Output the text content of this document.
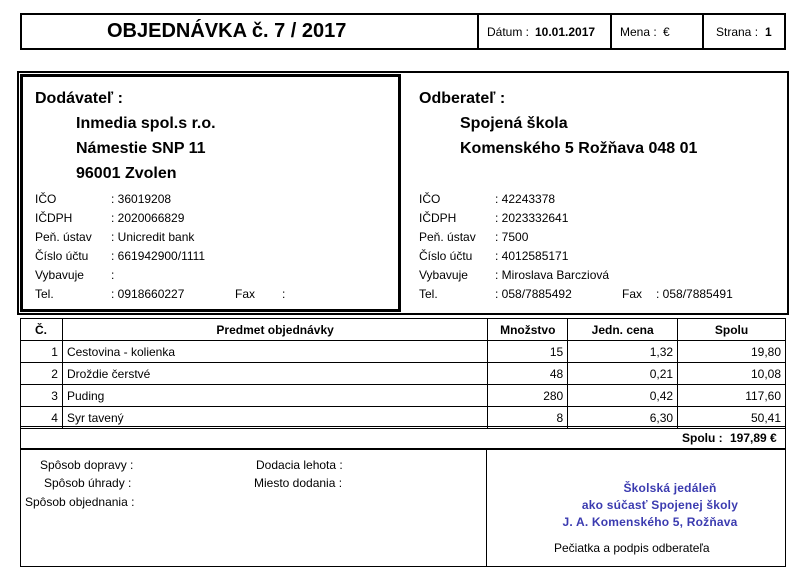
OBJEDNÁVKA č. 7 / 2017	Dátum : 10.01.2017 Mena : €	Strana : 1
Dodávateľ :
Inmedia spol.s r.o.
Námestie SNP 11
96001 Zvolen
IČO	: 36019208
IČDPH	: 2020066829
Peň. ústav : Unicredit bank
Číslo účtu : 661942900/1111
Vybavuje :
Tel.	: 0918660227	Fax :
Odberateľ :
Spojená škola
Komenského 5 Rožňava 048 01
IČO	: 42243378
IČDPH	: 2023332641
Peň. ústav : 7500
Číslo účtu : 4012585171
Vybavuje : Miroslava Barcziová
Tel.	: 058/7885492	Fax : 058/7885491
Č.	Predmet objednávky	Množstvo	Jedn. cena	Spolu
1	Cestovina - kolienka	15	1,32	19,80
2	Droždie čerstvé	48	0,21	10,08
3	Puding	280	0,42	117,60
4	Syr tavený	8	6,30	50,41
Spolu : 197,89 €
Spôsob dopravy :
Spôsob úhrady :
Spôsob objednania :
Dodacia lehota :
Miesto dodania :	Školská jedáleň
ako súčasť Spojenej školy
J. A. Komenského 5, Rožňava
Pečiatka a podpis odberateľa
